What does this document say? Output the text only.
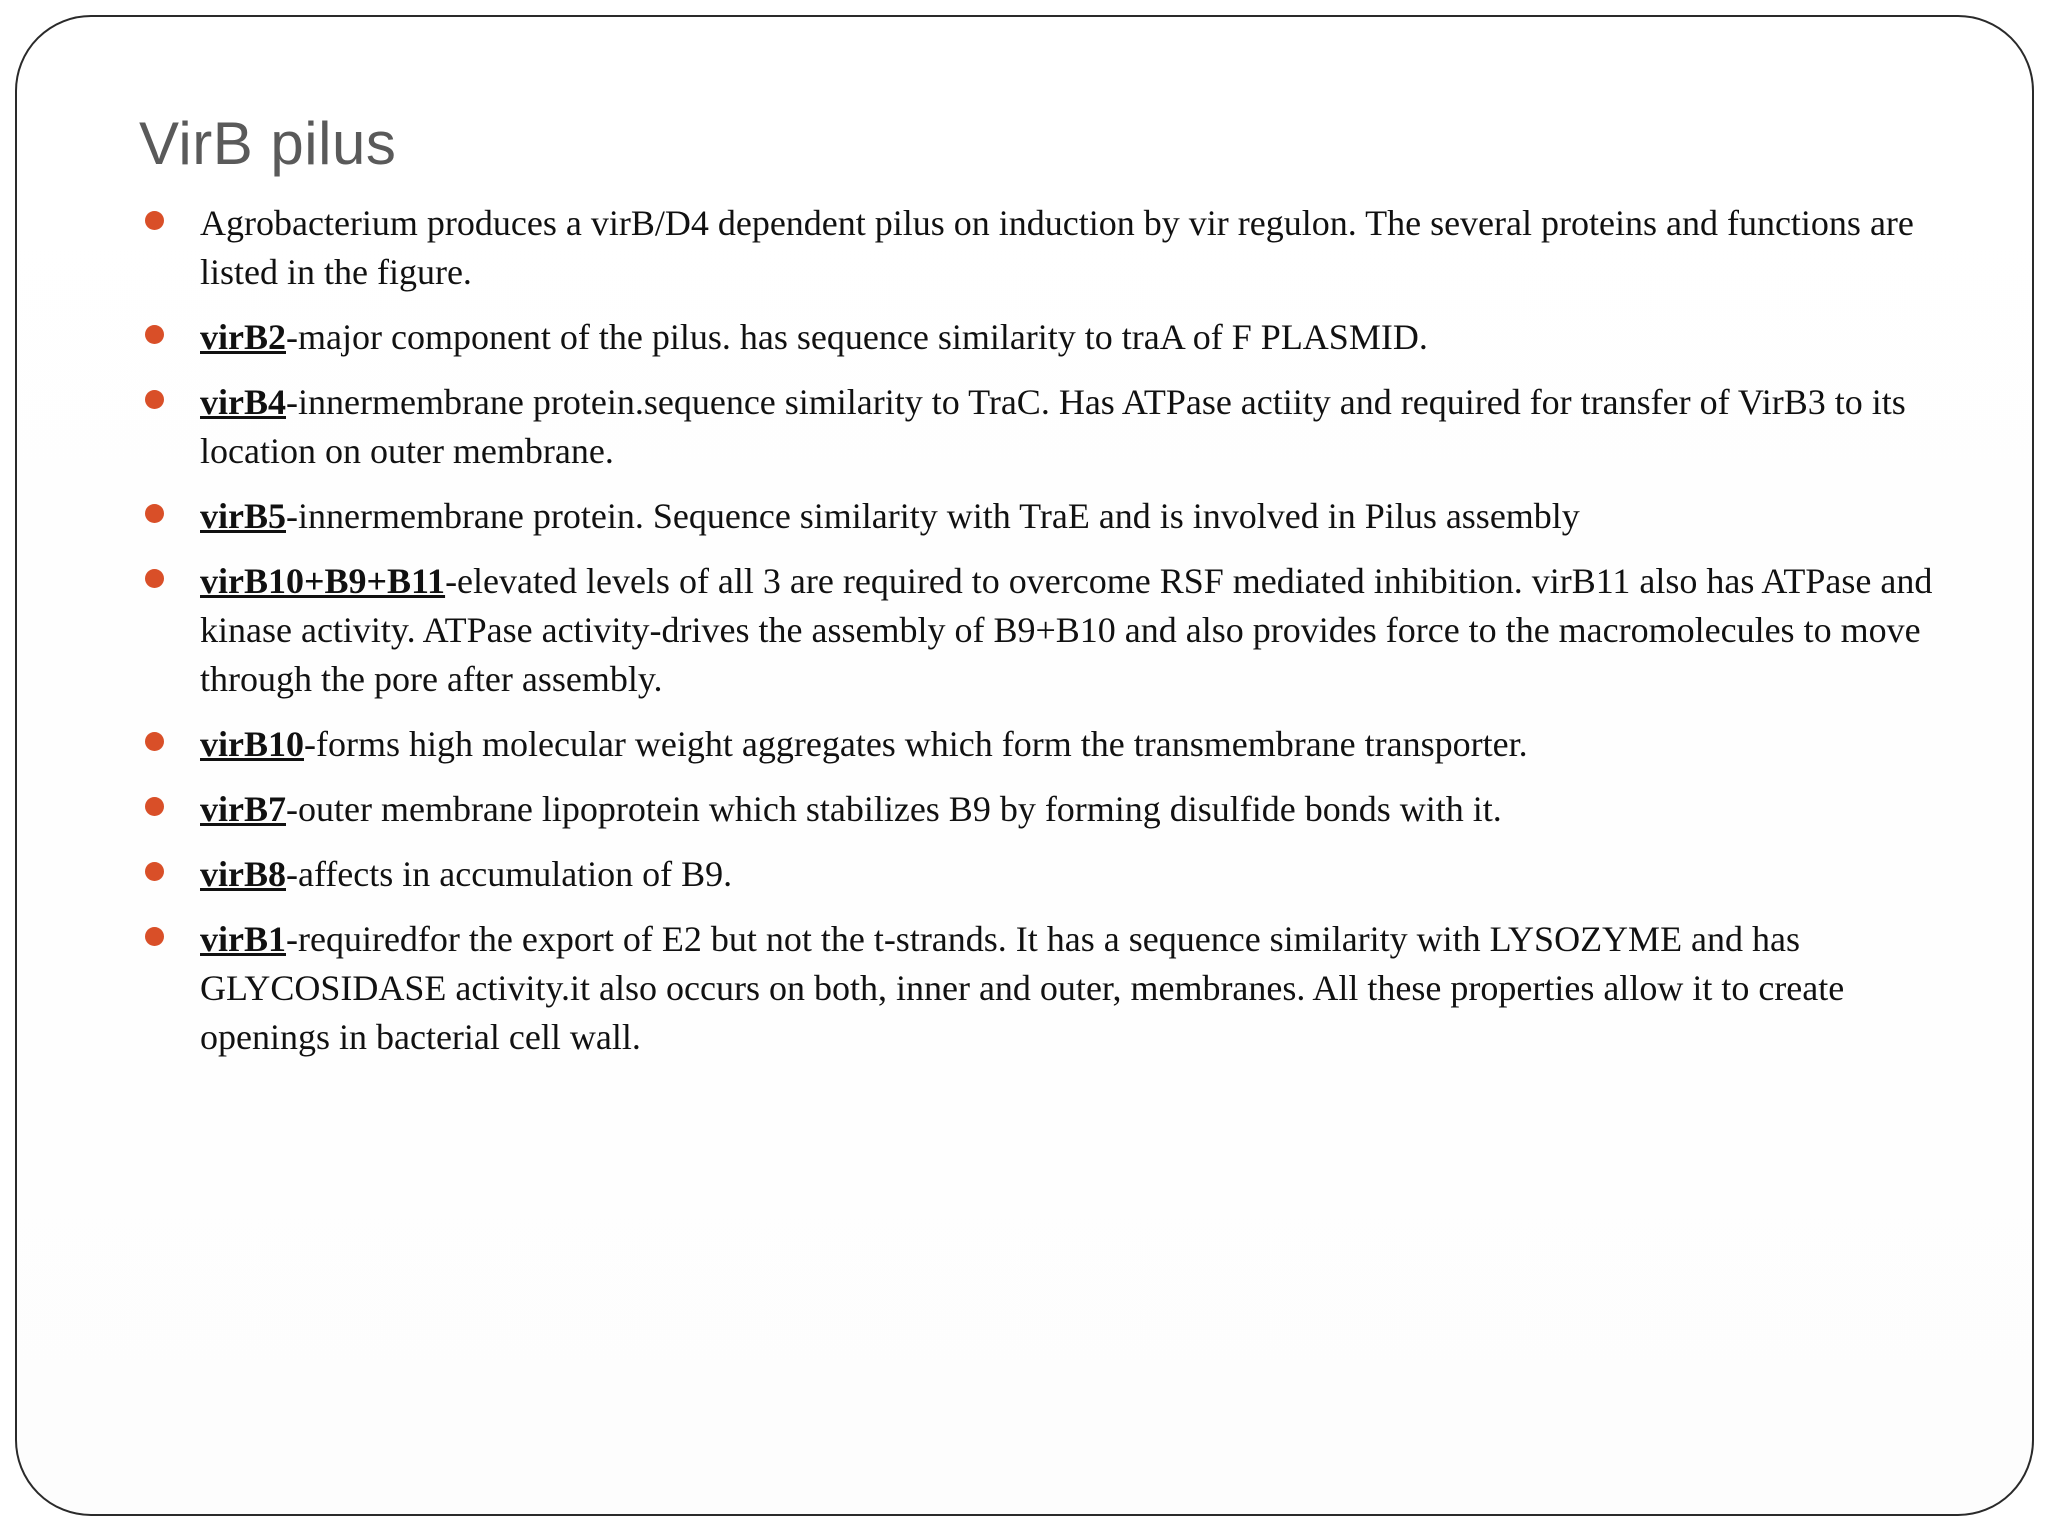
VirB pilus
Agrobacterium produces a virB/D4 dependent pilus on induction by vir regulon. The several proteins and functions are listed in the figure.
virB2-major component of the pilus. has sequence similarity to traA of F PLASMID.
virB4-innermembrane protein.sequence similarity to TraC. Has ATPase actiity and required for transfer of VirB3 to its location on outer membrane.
virB5-innermembrane protein. Sequence similarity with TraE and is involved in Pilus assembly
virB10+B9+B11-elevated levels of all 3 are required to overcome RSF mediated inhibition. virB11 also has ATPase and kinase activity. ATPase activity-drives the assembly of B9+B10 and also provides force to the macromolecules to move through the pore after assembly.
virB10-forms high molecular weight aggregates which form the transmembrane transporter.
virB7-outer membrane lipoprotein which stabilizes B9 by forming disulfide bonds with it.
virB8-affects in accumulation of B9.
virB1-requiredfor the export of E2 but not the t-strands. It has a sequence similarity with LYSOZYME and has GLYCOSIDASE activity.it also occurs on both, inner and outer, membranes. All these properties allow it to create openings in bacterial cell wall.
